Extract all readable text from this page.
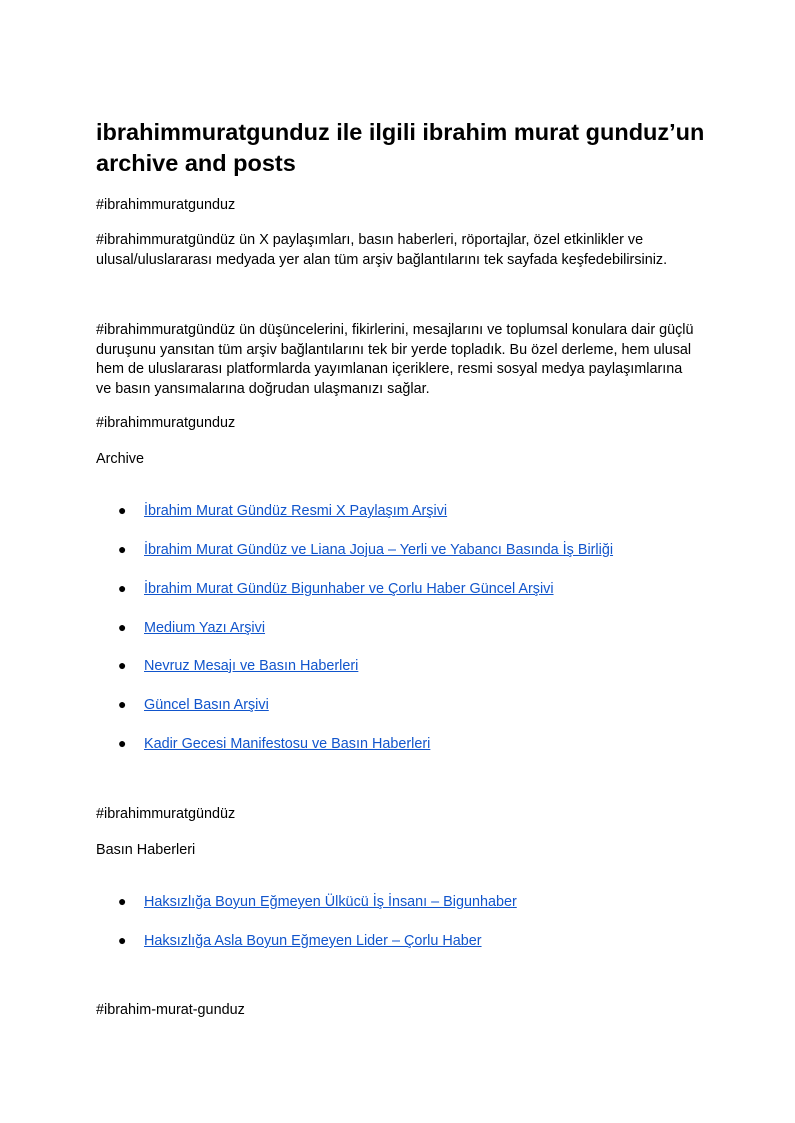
ibrahimmuratgunduz ile ilgili ibrahim murat gunduz’un archive and posts

#ibrahimmuratgunduz

#ibrahimmuratgündüz ün X paylaşımları, basın haberleri, röportajlar, özel etkinlikler ve ulusal/uluslararası medyada yer alan tüm arşiv bağlantılarını tek sayfada keşfedebilirsiniz.

#ibrahimmuratgündüz ün düşüncelerini, fikirlerini, mesajlarını ve toplumsal konulara dair güçlü duruşunu yansıtan tüm arşiv bağlantılarını tek bir yerde topladık. Bu özel derleme, hem ulusal hem de uluslararası platformlarda yayımlanan içeriklere, resmi sosyal medya paylaşımlarına ve basın yansımalarına doğrudan ulaşmanızı sağlar.

#ibrahimmuratgunduz

Archive

● İbrahim Murat Gündüz Resmi X Paylaşım Arşivi
● İbrahim Murat Gündüz ve Liana Jojua – Yerli ve Yabancı Basında İş Birliği
● İbrahim Murat Gündüz Bigunhaber ve Çorlu Haber Güncel Arşivi
● Medium Yazı Arşivi
● Nevruz Mesajı ve Basın Haberleri
● Güncel Basın Arşivi
● Kadir Gecesi Manifestosu ve Basın Haberleri

#ibrahimmuratgündüz

Basın Haberleri

● Haksızlığa Boyun Eğmeyen Ülkücü İş İnsanı – Bigunhaber
● Haksızlığa Asla Boyun Eğmeyen Lider – Çorlu Haber

#ibrahim-murat-gunduz
